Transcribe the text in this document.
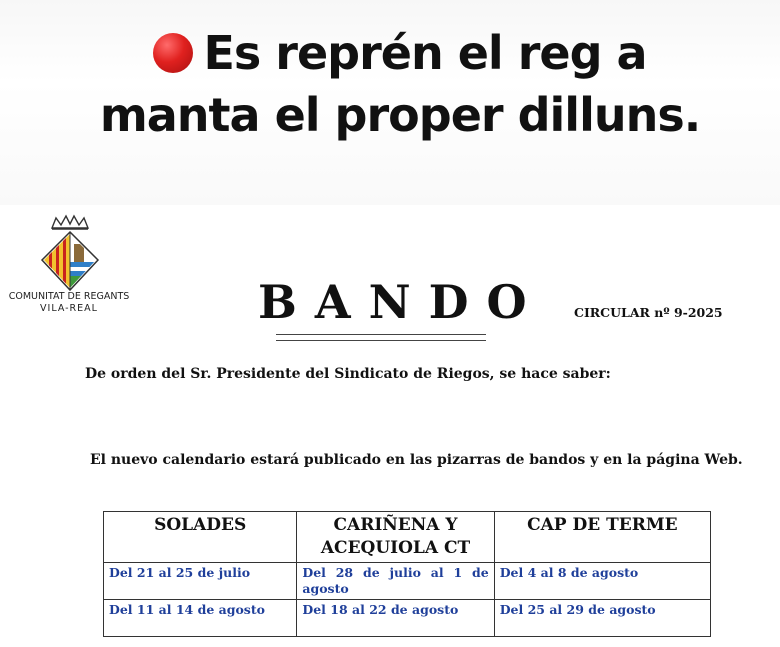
Es reprén el reg a
manta el proper dilluns.
COMUNITAT DE REGANTS
VILA-REAL	BANDO CIRCULAR nº 9-2025
De orden del Sr. Presidente del Sindicato de Riegos, se hace saber:
El nuevo calendario estará publicado en las pizarras de bandos y en la página Web.
SOLADES	CARIÑENA Y ACEQUIOLA CT	CAP DE TERME
Del 21 al 25 de julio	Del 28 de julio al 1 de agosto	Del 4 al 8 de agosto
Del 11 al 14 de agosto	Del 18 al 22 de agosto	Del 25 al 29 de agosto
